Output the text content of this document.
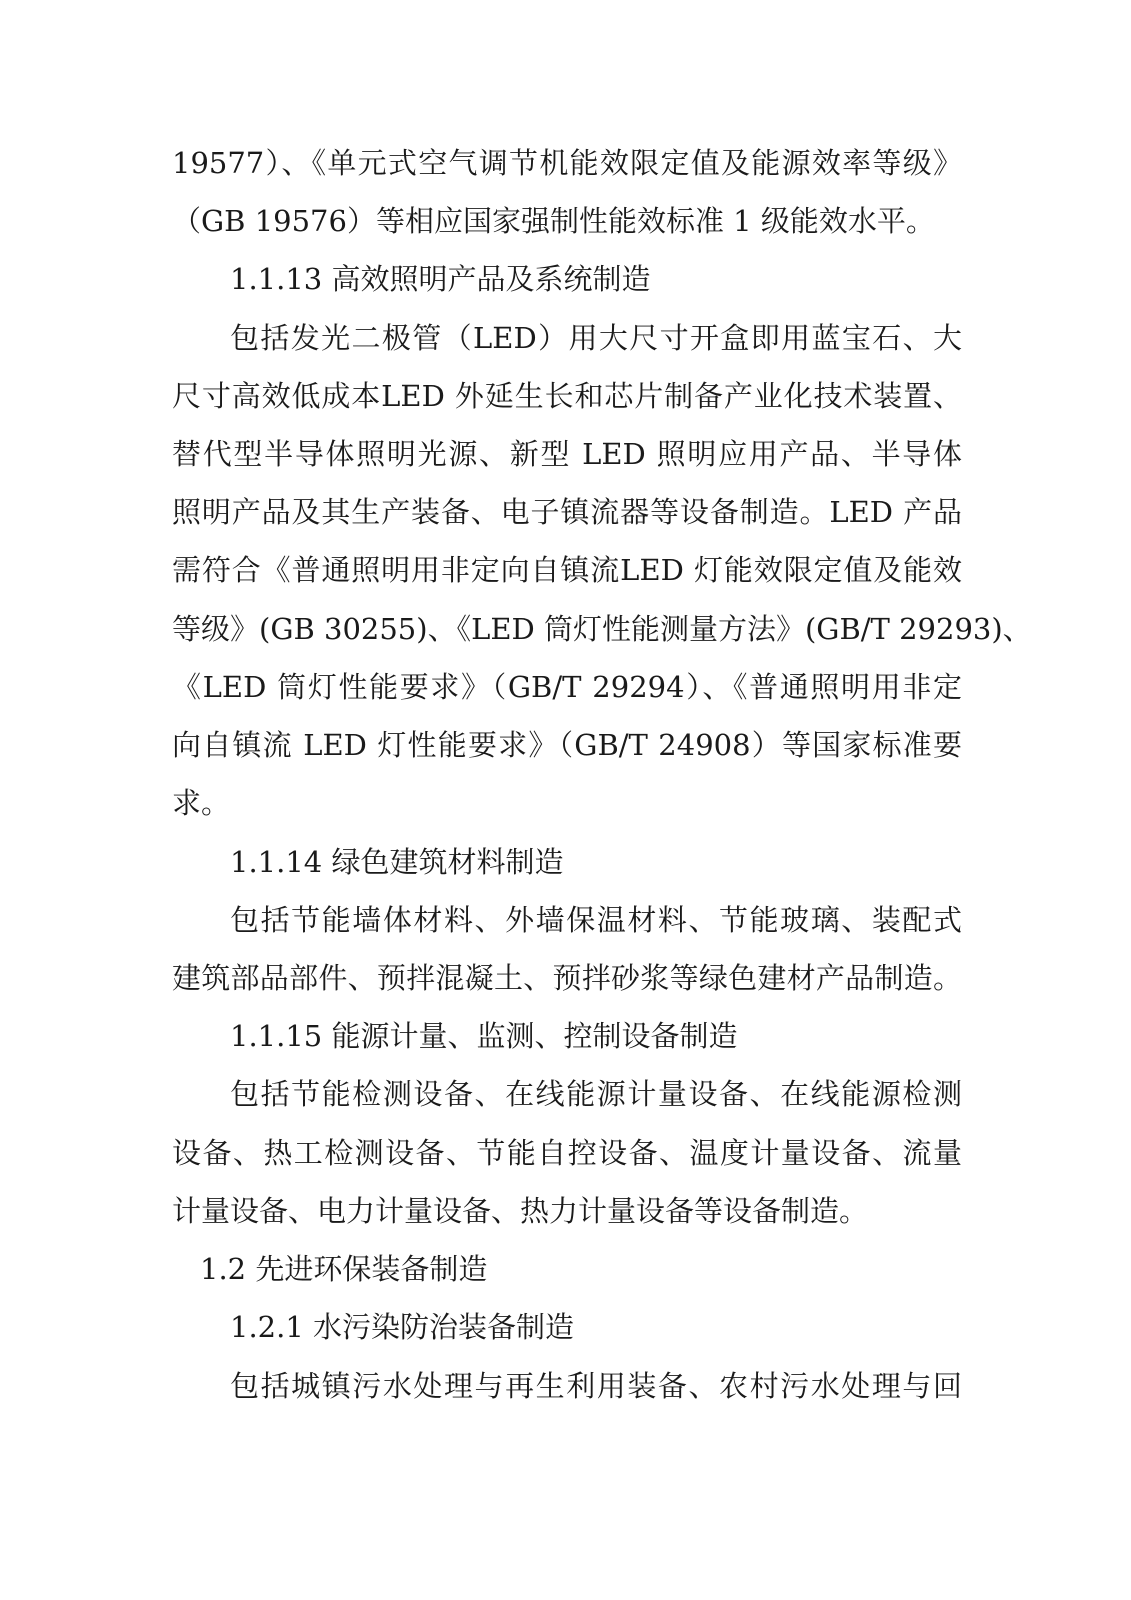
19577）、《单元式空气调节机能效限定值及能源效率等级》
（GB 19576）等相应国家强制性能效标准 1 级能效水平。
1.1.13 高效照明产品及系统制造
包括发光二极管（LED）用大尺寸开盒即用蓝宝石、大
尺寸高效低成本LED 外延生长和芯片制备产业化技术装置、
替代型半导体照明光源、新型 LED 照明应用产品、半导体
照明产品及其生产装备、电子镇流器等设备制造。LED 产品
需符合《普通照明用非定向自镇流LED 灯能效限定值及能效
等级》(GB 30255)、《LED 筒灯性能测量方法》(GB/T 29293)、
《LED 筒灯性能要求》（GB/T 29294）、《普通照明用非定
向自镇流 LED 灯性能要求》（GB/T 24908）等国家标准要
求。
1.1.14 绿色建筑材料制造
包括节能墙体材料、外墙保温材料、节能玻璃、装配式
建筑部品部件、预拌混凝土、预拌砂浆等绿色建材产品制造。
1.1.15 能源计量、监测、控制设备制造
包括节能检测设备、在线能源计量设备、在线能源检测
设备、热工检测设备、节能自控设备、温度计量设备、流量
计量设备、电力计量设备、热力计量设备等设备制造。
1.2 先进环保装备制造
1.2.1 水污染防治装备制造
包括城镇污水处理与再生利用装备、农村污水处理与回
